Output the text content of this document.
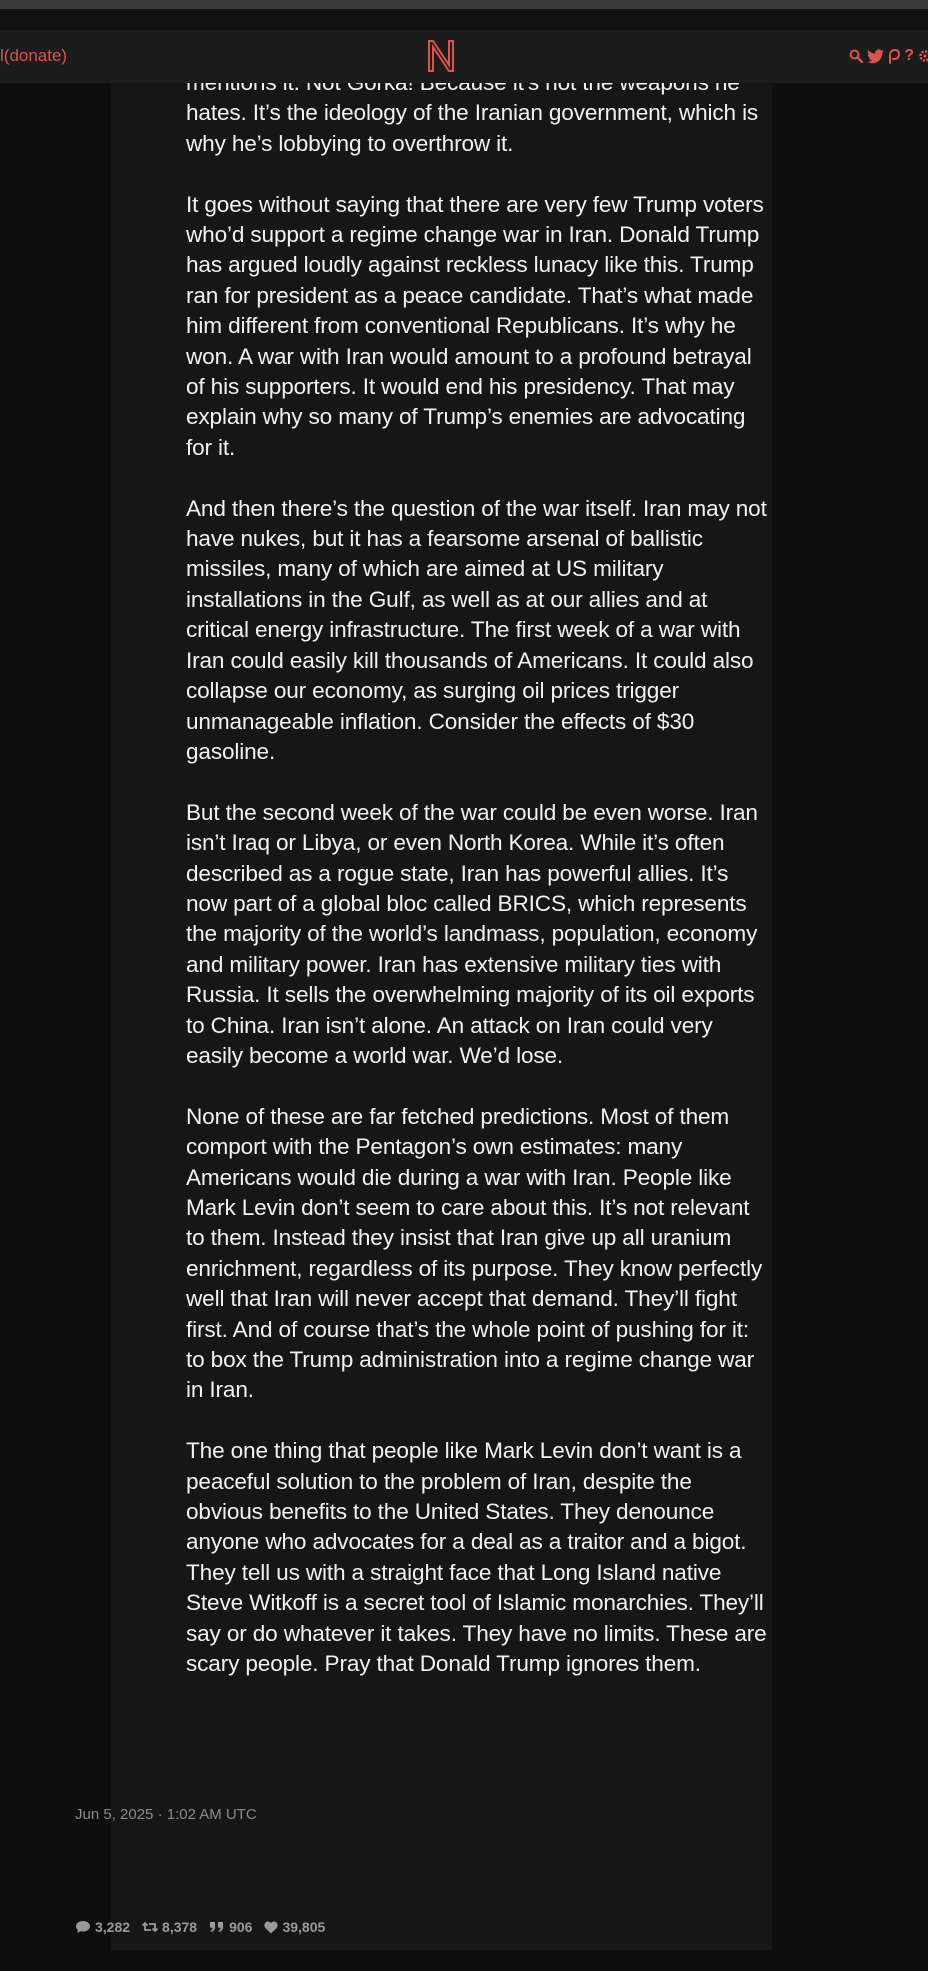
l(donate)	?

hates. It’s the ideology of the Iranian government, which is why he’s lobbying to overthrow it.

It goes without saying that there are very few Trump voters who’d support a regime change war in Iran. Donald Trump has argued loudly against reckless lunacy like this. Trump ran for president as a peace candidate. That’s what made him different from conventional Republicans. It’s why he won. A war with Iran would amount to a profound betrayal of his supporters. It would end his presidency. That may explain why so many of Trump’s enemies are advocating for it.

And then there’s the question of the war itself. Iran may not have nukes, but it has a fearsome arsenal of ballistic missiles, many of which are aimed at US military installations in the Gulf, as well as at our allies and at critical energy infrastructure. The first week of a war with Iran could easily kill thousands of Americans. It could also collapse our economy, as surging oil prices trigger unmanageable inflation. Consider the effects of $30 gasoline.

But the second week of the war could be even worse. Iran isn’t Iraq or Libya, or even North Korea. While it’s often described as a rogue state, Iran has powerful allies. It’s now part of a global bloc called BRICS, which represents the majority of the world’s landmass, population, economy and military power. Iran has extensive military ties with Russia. It sells the overwhelming majority of its oil exports to China. Iran isn’t alone. An attack on Iran could very easily become a world war. We’d lose.

None of these are far fetched predictions. Most of them comport with the Pentagon’s own estimates: many Americans would die during a war with Iran. People like Mark Levin don’t seem to care about this. It’s not relevant to them. Instead they insist that Iran give up all uranium enrichment, regardless of its purpose. They know perfectly well that Iran will never accept that demand. They’ll fight first. And of course that’s the whole point of pushing for it: to box the Trump administration into a regime change war in Iran.

The one thing that people like Mark Levin don’t want is a peaceful solution to the problem of Iran, despite the obvious benefits to the United States. They denounce anyone who advocates for a deal as a traitor and a bigot. They tell us with a straight face that Long Island native Steve Witkoff is a secret tool of Islamic monarchies. They’ll say or do whatever it takes. They have no limits. These are scary people. Pray that Donald Trump ignores them.

Jun 5, 2025 · 1:02 AM UTC
3,282 8,378 906 39,805
